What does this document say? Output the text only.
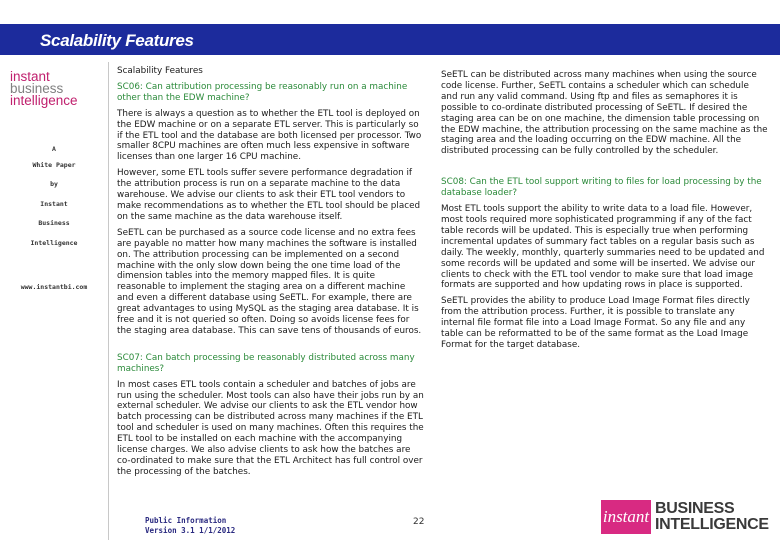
Scalability Features
instant
business
intelligence
A
White Paper
by
Instant
Business
Intelligence
www.instantbi.com

Scalability Features

SC06: Can attribution processing be reasonably run on a machine other than the EDW machine?

There is always a question as to whether the ETL tool is deployed on the EDW machine or on a separate ETL server. This is particularly so if the ETL tool and the database are both licensed per processor. Two smaller 8CPU machines are often much less expensive in software licenses than one larger 16 CPU machine.

However, some ETL tools suffer severe performance degradation if the attribution process is run on a separate machine to the data warehouse. We advise our clients to ask their ETL tool vendors to make recommendations as to whether the ETL tool should be placed on the same machine as the data warehouse itself.

SeETL can be purchased as a source code license and no extra fees are payable no matter how many machines the software is installed on. The attribution processing can be implemented on a second machine with the only slow down being the one time load of the dimension tables into the memory mapped files. It is quite reasonable to implement the staging area on a different machine and even a different database using SeETL. For example, there are great advantages to using MySQL as the staging area database. It is free and it is not queried so often. Doing so avoids license fees for the staging area database. This can save tens of thousands of euros.

SC07: Can batch processing be reasonably distributed across many machines?

In most cases ETL tools contain a scheduler and batches of jobs are run using the scheduler. Most tools can also have their jobs run by an external scheduler. We advise our clients to ask the ETL vendor how batch processing can be distributed across many machines if the ETL tool and scheduler is used on many machines. Often this requires the ETL tool to be installed on each machine with the accompanying license charges. We also advise clients to ask how the batches are co-ordinated to make sure that the ETL Architect has full control over the processing of the batches.

SeETL can be distributed across many machines when using the source code license. Further, SeETL contains a scheduler which can schedule and run any valid command. Using ftp and files as semaphores it is possible to co-ordinate distributed processing of SeETL. If desired the staging area can be on one machine, the dimension table processing on the EDW machine, the attribution processing on the same machine as the staging area and the loading occurring on the EDW machine. All the distributed processing can be fully controlled by the scheduler.

SC08: Can the ETL tool support writing to files for load processing by the database loader?

Most ETL tools support the ability to write data to a load file. However, most tools required more sophisticated programming if any of the fact table records will be updated. This is especially true when performing incremental updates of summary fact tables on a regular basis such as daily. The weekly, monthly, quarterly summaries need to be updated and some records will be updated and some will be inserted. We advise our clients to check with the ETL tool vendor to make sure that load image formats are supported and how updating rows in place is supported.

SeETL provides the ability to produce Load Image Format files directly from the attribution process. Further, it is possible to translate any internal file format file into a Load Image Format. So any file and any table can be reformatted to be of the same format as the Load Image Format for the target database.

Public Information
Version 3.1 1/1/2012
22	instant BUSINESS
INTELLIGENCE
